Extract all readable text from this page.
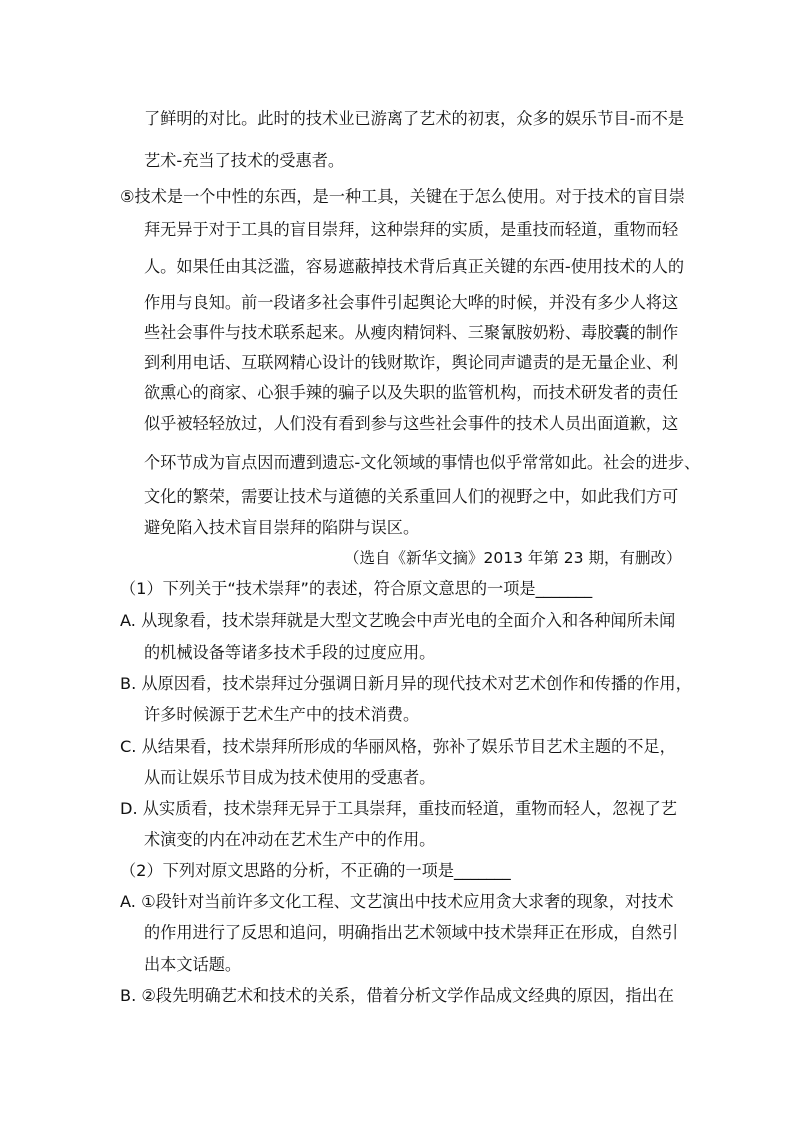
了鲜明的对比。此时的技术业已游离了艺术的初衷，众多的娱乐节目-而不是

艺术-充当了技术的受惠者。

⑤技术是一个中性的东西，是一种工具，关键在于怎么使用。对于技术的盲目崇

拜无异于对于工具的盲目崇拜，这种崇拜的实质，是重技而轻道，重物而轻

人。如果任由其泛滥，容易遮蔽掉技术背后真正关键的东西-使用技术的人的

作用与良知。前一段诸多社会事件引起舆论大哗的时候，并没有多少人将这

些社会事件与技术联系起来。从瘦肉精饲料、三聚氰胺奶粉、毒胶囊的制作

到利用电话、互联网精心设计的钱财欺诈，舆论同声谴责的是无量企业、利

欲熏心的商家、心狠手辣的骗子以及失职的监管机构，而技术研发者的责任

似乎被轻轻放过，人们没有看到参与这些社会事件的技术人员出面道歉，这

个环节成为盲点因而遭到遗忘-文化领域的事情也似乎常常如此。社会的进步、

文化的繁荣，需要让技术与道德的关系重回人们的视野之中，如此我们方可

避免陷入技术盲目崇拜的陷阱与误区。

（选自《新华文摘》2013 年第 23 期，有删改）

（1）下列关于“技术崇拜”的表述，符合原文意思的一项是_______

A. 从现象看，技术崇拜就是大型文艺晚会中声光电的全面介入和各种闻所未闻

的机械设备等诸多技术手段的过度应用。

B. 从原因看，技术崇拜过分强调日新月异的现代技术对艺术创作和传播的作用，

许多时候源于艺术生产中的技术消费。

C. 从结果看，技术崇拜所形成的华丽风格，弥补了娱乐节目艺术主题的不足，

从而让娱乐节目成为技术使用的受惠者。

D. 从实质看，技术崇拜无异于工具崇拜，重技而轻道，重物而轻人，忽视了艺

术演变的内在冲动在艺术生产中的作用。

（2）下列对原文思路的分析，不正确的一项是_______

A. ①段针对当前许多文化工程、文艺演出中技术应用贪大求奢的现象，对技术

的作用进行了反思和追问，明确指出艺术领域中技术崇拜正在形成，自然引

出本文话题。

B. ②段先明确艺术和技术的关系，借着分析文学作品成文经典的原因，指出在
